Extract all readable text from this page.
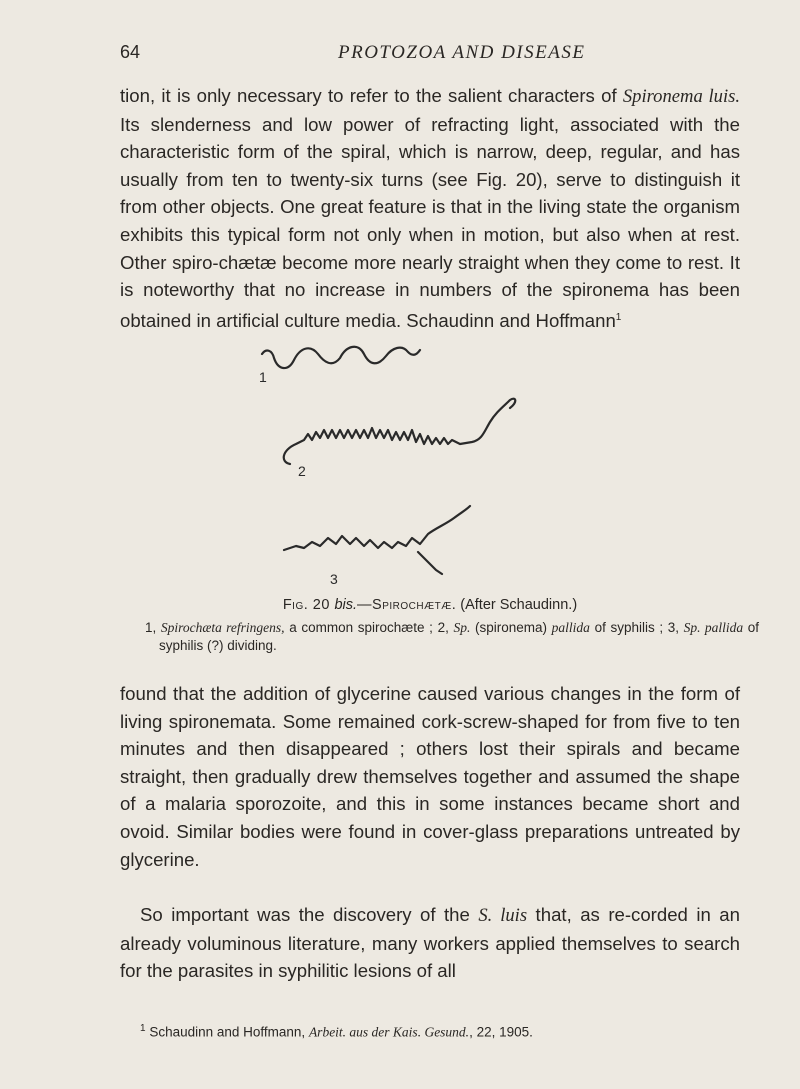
64	PROTOZOA AND DISEASE

tion, it is only necessary to refer to the salient characters of Spironema luis. Its slenderness and low power of refracting light, associated with the characteristic form of the spiral, which is narrow, deep, regular, and has usually from ten to twenty-six turns (see Fig. 20), serve to distinguish it from other objects. One great feature is that in the living state the organism exhibits this typical form not only when in motion, but also when at rest. Other spiro-chætæ become more nearly straight when they come to rest. It is noteworthy that no increase in numbers of the spironema has been obtained in artificial culture media. Schaudinn and Hoffmann$^1$

1
2
3

Fig. 20 bis.—Spirochætæ. (After Schaudinn.)

1, Spirochæta refringens, a common spirochæte ; 2, Sp. (spironema) pallida of syphilis ; 3, Sp. pallida of syphilis (?) dividing.

found that the addition of glycerine caused various changes in the form of living spironemata. Some remained cork-screw-shaped for from five to ten minutes and then disappeared ; others lost their spirals and became straight, then gradually drew themselves together and assumed the shape of a malaria sporozoite, and this in some instances became short and ovoid. Similar bodies were found in cover-glass preparations untreated by glycerine.

So important was the discovery of the S. luis that, as re-corded in an already voluminous literature, many workers applied themselves to search for the parasites in syphilitic lesions of all

$^1$ Schaudinn and Hoffmann, Arbeit. aus der Kais. Gesund., 22, 1905.
